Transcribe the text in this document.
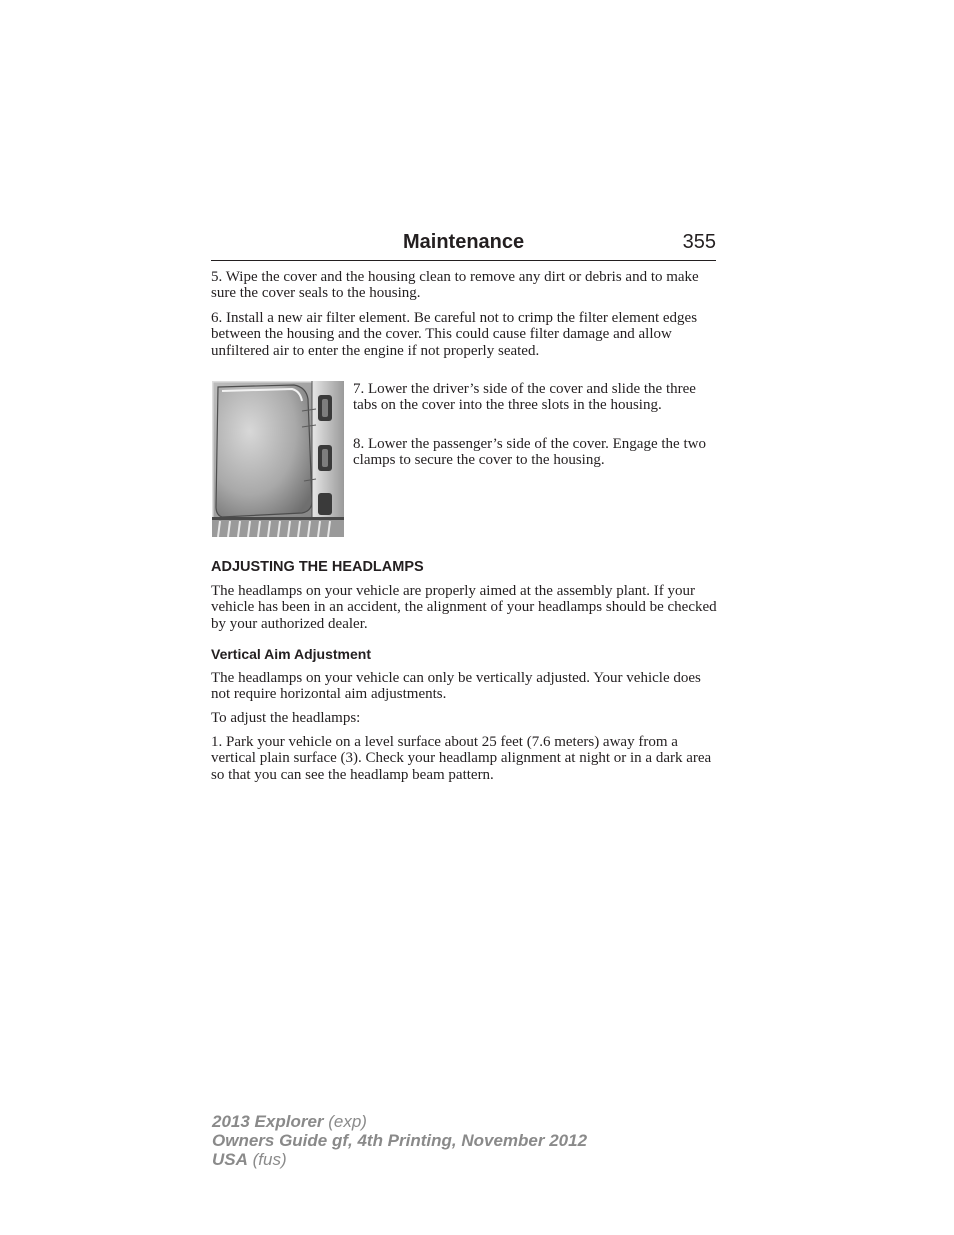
Maintenance	355

5. Wipe the cover and the housing clean to remove any dirt or debris and to make sure the cover seals to the housing.

6. Install a new air filter element. Be careful not to crimp the filter element edges between the housing and the cover. This could cause filter damage and allow unfiltered air to enter the engine if not properly seated.

7. Lower the driver’s side of the cover and slide the three tabs on the cover into the three slots in the housing.

8. Lower the passenger’s side of the cover. Engage the two clamps to secure the cover to the housing.

ADJUSTING THE HEADLAMPS

The headlamps on your vehicle are properly aimed at the assembly plant. If your vehicle has been in an accident, the alignment of your headlamps should be checked by your authorized dealer.

Vertical Aim Adjustment

The headlamps on your vehicle can only be vertically adjusted. Your vehicle does not require horizontal aim adjustments.

To adjust the headlamps:

1. Park your vehicle on a level surface about 25 feet (7.6 meters) away from a vertical plain surface (3). Check your headlamp alignment at night or in a dark area so that you can see the headlamp beam pattern.

2013 Explorer (exp)
Owners Guide gf, 4th Printing, November 2012
USA (fus)
